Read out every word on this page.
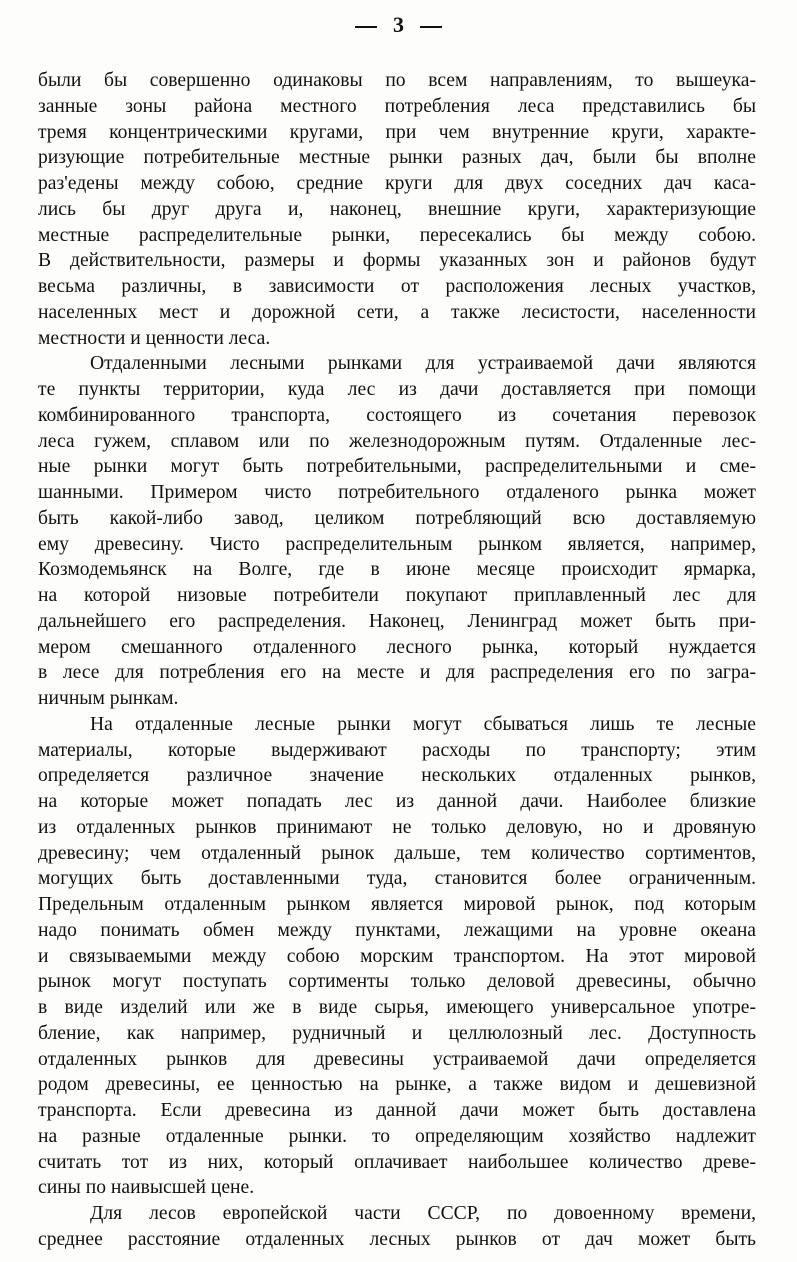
3

были бы совершенно одинаковы по всем направлениям, то вышеука-
занные зоны района местного потребления леса представились бы
тремя концентрическими кругами, при чем внутренние круги, характе-
ризующие потребительные местные рынки разных дач, были бы вполне
раз'едены между собою, средние круги для двух соседних дач каса-
лись бы друг друга и, наконец, внешние круги, характеризующие
местные распределительные рынки, пересекались бы между собою.
В действительности, размеры и формы указанных зон и районов будут
весьма различны, в зависимости от расположения лесных участков,
населенных мест и дорожной сети, а также лесистости, населенности
местности и ценности леса.

Отдаленными лесными рынками для устраиваемой дачи являются
те пункты территории, куда лес из дачи доставляется при помощи
комбинированного транспорта, состоящего из сочетания перевозок
леса гужем, сплавом или по железнодорожным путям. Отдаленные лес-
ные рынки могут быть потребительными, распределительными и сме-
шанными. Примером чисто потребительного отдаленого рынка может
быть какой-либо завод, целиком потребляющий всю доставляемую
ему древесину. Чисто распределительным рынком является, например,
Козмодемьянск на Волге, где в июне месяце происходит ярмарка,
на которой низовые потребители покупают приплавленный лес для
дальнейшего его распределения. Наконец, Ленинград может быть при-
мером смешанного отдаленного лесного рынка, который нуждается
в лесе для потребления его на месте и для распределения его по загра-
ничным рынкам.

На отдаленные лесные рынки могут сбываться лишь те лесные
материалы, которые выдерживают расходы по транспорту; этим
определяется различное значение нескольких отдаленных рынков,
на которые может попадать лес из данной дачи. Наиболее близкие
из отдаленных рынков принимают не только деловую, но и дровяную
древесину; чем отдаленный рынок дальше, тем количество сортиментов,
могущих быть доставленными туда, становится более ограниченным.
Предельным отдаленным рынком является мировой рынок, под которым
надо понимать обмен между пунктами, лежащими на уровне океана
и связываемыми между собою морским транспортом. На этот мировой
рынок могут поступать сортименты только деловой древесины, обычно
в виде изделий или же в виде сырья, имеющего универсальное употре-
бление, как например, рудничный и целлюлозный лес. Доступность
отдаленных рынков для древесины устраиваемой дачи определяется
родом древесины, ее ценностью на рынке, а также видом и дешевизной
транспорта. Если древесина из данной дачи может быть доставлена
на разные отдаленные рынки. то определяющим хозяйство надлежит
считать тот из них, который оплачивает наибольшее количество древе-
сины по наивысшей цене.

Для лесов европейской части СССР, по довоенному времени,
среднее расстояние отдаленных лесных рынков от дач может быть
